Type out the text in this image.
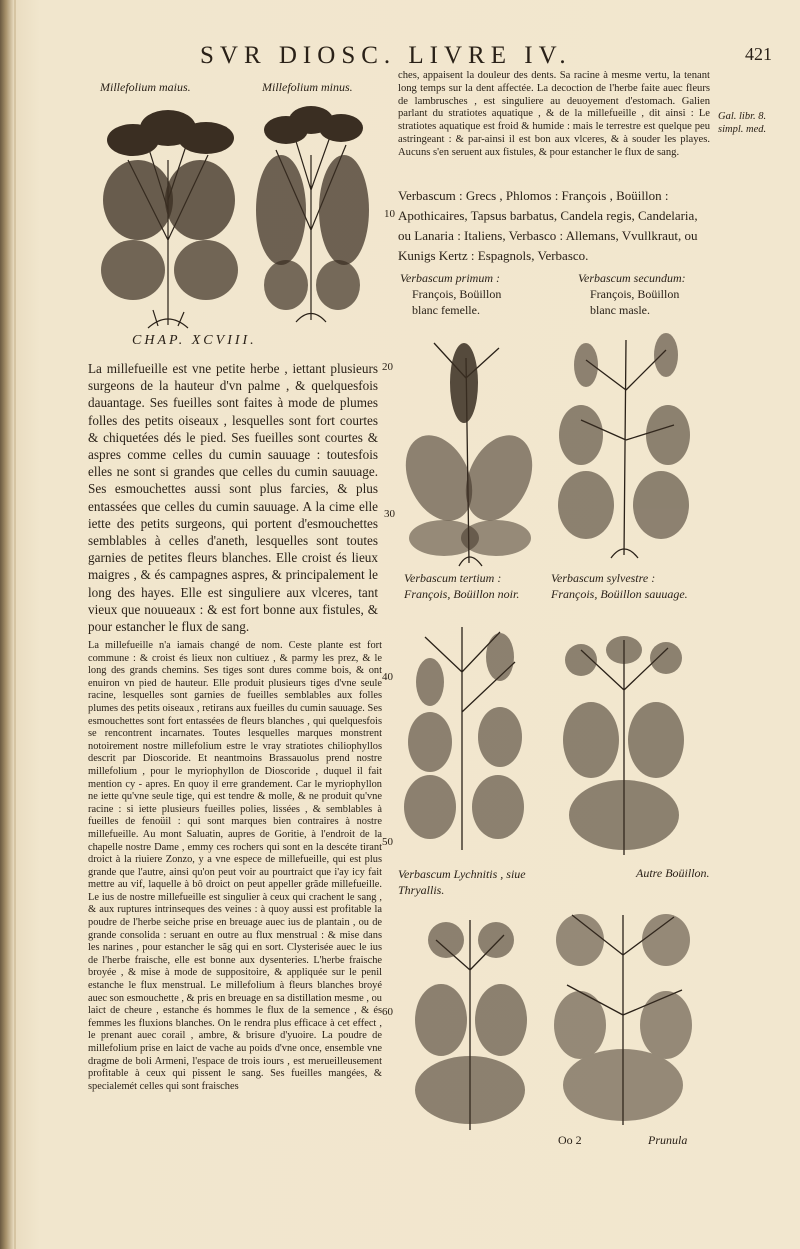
SVR DIOSC. LIVRE IV.	421
Millefolium maius.	Millefolium minus.
CHAP. XCVIII.
ches, appaisent la douleur des dents. Sa racine à mesme vertu, la tenant long temps sur la dent affectée. La decoction de l'herbe faite auec fleurs de lambrusches , est singuliere au deuoyement d'estomach. Galien parlant du stratiotes aquatique , & de la millefueille , dit ainsi : Le stratiotes aquatique est froid & humide : mais le terrestre est quelque peu astringeant : & par-ainsi il est bon aux vlceres, & à souder les playes. Aucuns s'en seruent aux fistules, & pour estancher le flux de sang.
Gal. libr. 8. simpl. med.
Verbascum : Grecs , Phlomos : François , Boüillon : Apothicaires, Tapsus barbatus, Candela regis, Candelaria, ou Lanaria : Italiens, Verbasco : Allemans, Vvullkraut, ou Kunigs Kertz : Espagnols, Verbasco.
10
Verbascum primum :
François, Boüillon blanc femelle.
Verbascum secundum:
François, Boüillon blanc masle.
Verbascum tertium :
François, Boüillon noir.
Verbascum sylvestre : François, Boüillon sauuage.
Verbascum Lychnitis , siue Thryallis.
Autre Boüillon.
La millefueille est vne petite herbe , iettant plusieurs surgeons de la hauteur d'vn palme , & quelquesfois dauantage. Ses fueilles sont faites à mode de plumes folles des petits oiseaux , lesquelles sont fort courtes & chiquetées dés le pied. Ses fueilles sont courtes & aspres comme celles du cumin sauuage : toutesfois elles ne sont si grandes que celles du cumin sauuage. Ses esmouchettes aussi sont plus farcies, & plus entassées que celles du cumin sauuage. A la cime elle iette des petits surgeons, qui portent d'esmouchettes semblables à celles d'aneth, lesquelles sont toutes garnies de petites fleurs blanches. Elle croist és lieux maigres , & és campagnes aspres, & principalement le long des hayes. Elle est singuliere aux vlceres, tant vieux que nouueaux : & est fort bonne aux fistules, & pour estancher le flux de sang.
20
30
La millefueille n'a iamais changé de nom. Ceste plante est fort commune : & croist és lieux non cultiuez , & parmy les prez, & le long des grands chemins. Ses tiges sont dures comme bois, & ont enuiron vn pied de hauteur. Elle produit plusieurs tiges d'vne seule racine, lesquelles sont garnies de fueilles semblables aux folles plumes des petits oiseaux , retirans aux fueilles du cumin sauuage. Ses esmouchettes sont fort entassées de fleurs blanches , qui quelquesfois se rencontrent incarnates. Toutes lesquelles marques monstrent notoirement nostre millefolium estre le vray stratiotes chiliophyllos descrit par Dioscoride. Et neantmoins Brassauolus prend nostre millefolium , pour le myriophyllon de Dioscoride , duquel il fait mention cy - apres. En quoy il erre grandement. Car le myriophyllon ne iette qu'vne seule tige, qui est tendre & molle, & ne produit qu'vne racine : si iette plusieurs fueilles polies, lissées , & semblables à fueilles de fenoüil : qui sont marques bien contraires à nostre millefueille. Au mont Saluatin, aupres de Goritie, à l'endroit de la chapelle nostre Dame , emmy ces rochers qui sont en la descéte tirant droict à la riuiere Zonzo, y a vne espece de millefueille, qui est plus grande que l'autre, ainsi qu'on peut voir au pourtraict que i'ay icy fait mettre au vif, laquelle à bô droict on peut appeller grãde millefueille. Le ius de nostre millefueille est singulier à ceux qui crachent le sang , & aux ruptures intrinseques des veines : à quoy aussi est profitable la poudre de l'herbe seiche prise en breuage auec ius de plantain , ou de grande consolida : seruant en outre au flux menstrual : & mise dans les narines , pour estancher le sãg qui en sort. Clysterisée auec le ius de l'herbe fraische, elle est bonne aux dysenteries. L'herbe fraische broyée , & mise à mode de suppositoire, & appliquée sur le penil estanche le flux menstrual. Le millefolium à fleurs blanches broyé auec son esmouchette , & pris en breuage en sa distillation mesme , ou laict de cheure , estanche és hommes le flux de la semence , & és femmes les fluxions blanches. On le rendra plus efficace à cet effect , le prenant auec corail , ambre, & brisure d'yuoire. La poudre de millefolium prise en laict de vache au poids d'vne once, ensemble vne dragme de boli Armeni, l'espace de trois iours , est merueilleusement profitable à ceux qui pissent le sang. Ses fueilles mangées, & specialemét celles qui sont fraisches
40
50
60
Oo 2	Prunula
